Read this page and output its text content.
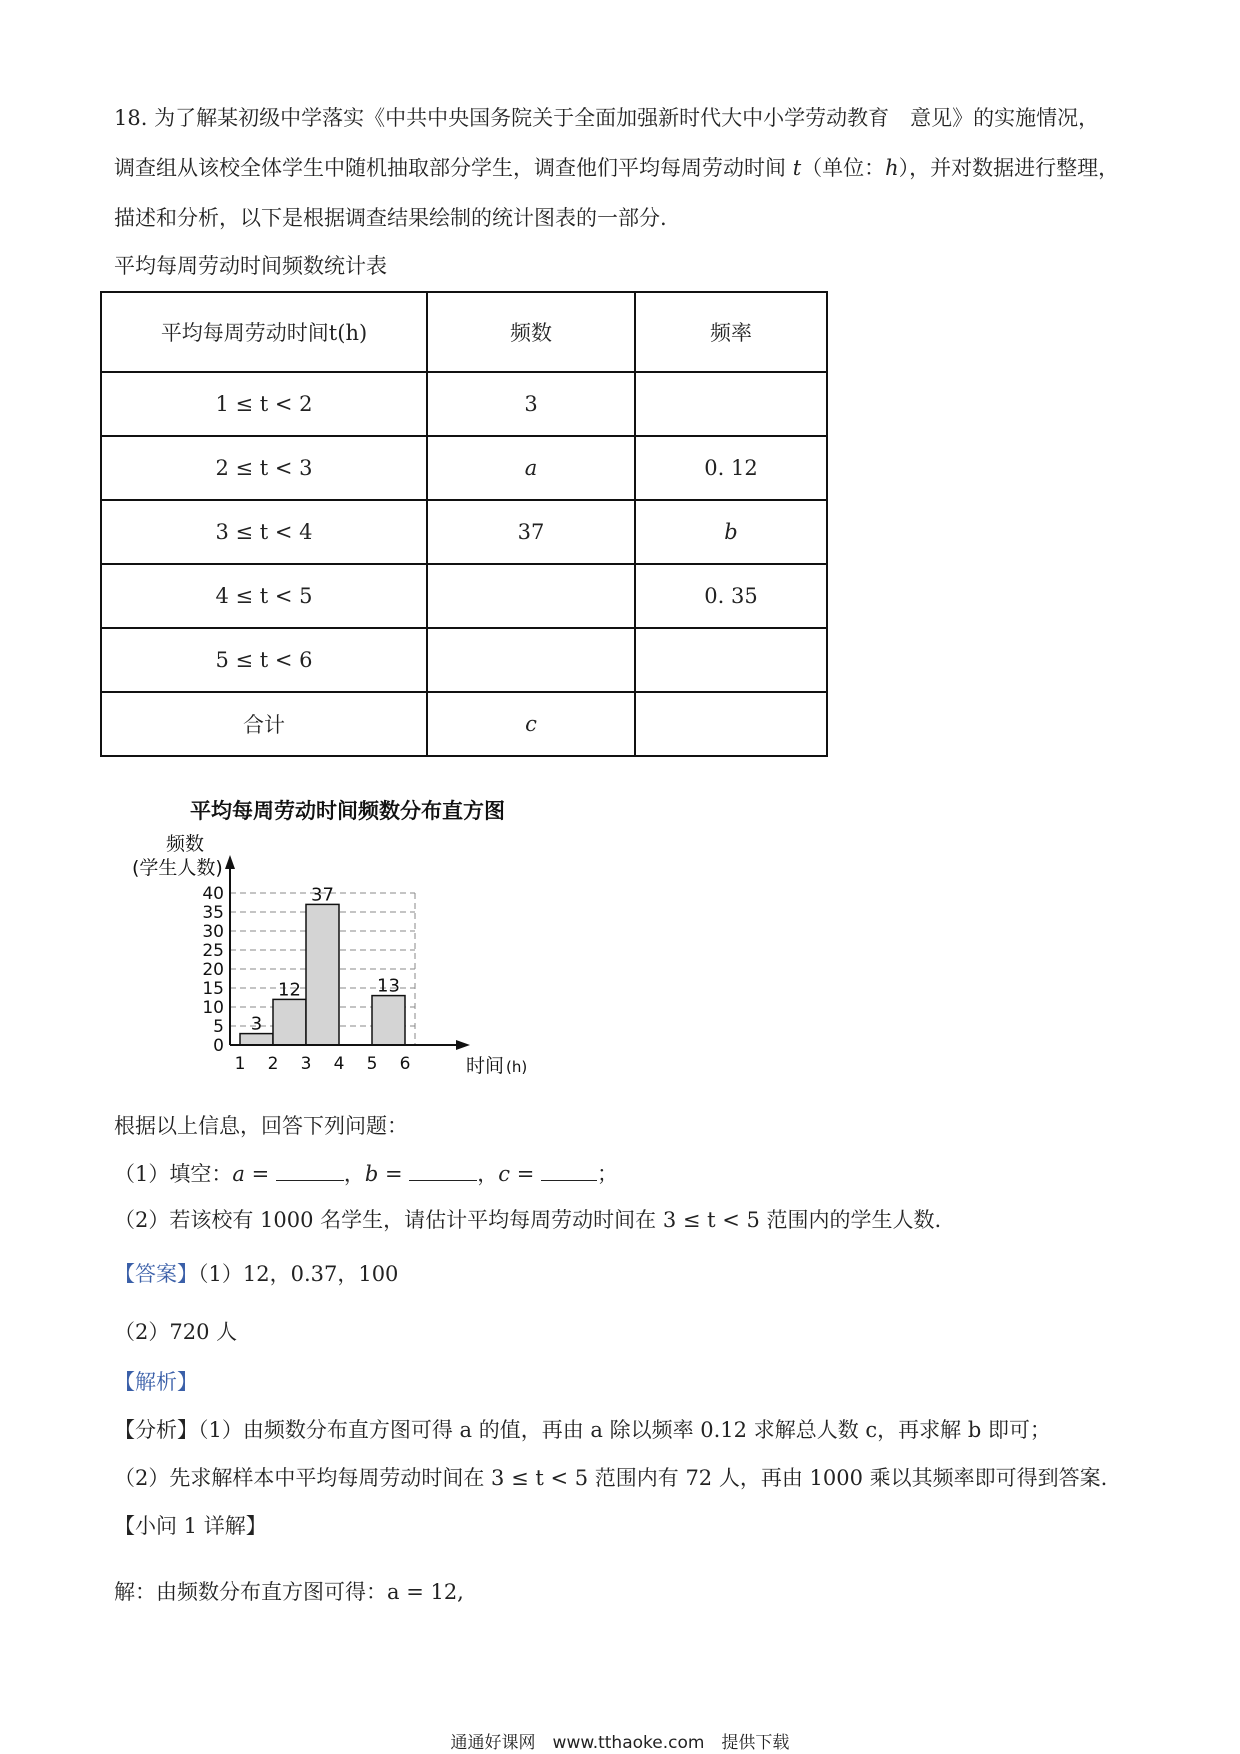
18. 为了解某初级中学落实《中共中央国务院关于全面加强新时代大中小学劳动教育　意见》的实施情况，
调查组从该校全体学生中随机抽取部分学生，调查他们平均每周劳动时间 t（单位：h），并对数据进行整理，
描述和分析，以下是根据调查结果绘制的统计图表的一部分.
平均每周劳动时间频数统计表
平均每周劳动时间t(h)	频数	频率
1 ≤ t < 2	3	
2 ≤ t < 3	a	0. 12
3 ≤ t < 4	37	b
4 ≤ t < 5		0. 35
5 ≤ t < 6		
合计	c	
平均每周劳动时间频数分布直方图
频数
(学生人数)
时间 (h)
0
5
10
15
20
25
30
35
40
3
12
37
13
1 2 3 4 5 6
根据以上信息，回答下列问题：
（1）填空：a =	，b =	，c =	；
（2）若该校有 1000 名学生，请估计平均每周劳动时间在 3 ≤ t < 5 范围内的学生人数.
【答案】（1）12，0.37，100
（2）720 人
【解析】
【分析】（1）由频数分布直方图可得 a 的值，再由 a 除以频率 0.12 求解总人数 c，再求解 b 即可；
（2）先求解样本中平均每周劳动时间在 3 ≤ t < 5 范围内有 72 人，再由 1000 乘以其频率即可得到答案.
【小问 1 详解】
解：由频数分布直方图可得：a = 12,
通通好课网　www.tthaoke.com　提供下载
